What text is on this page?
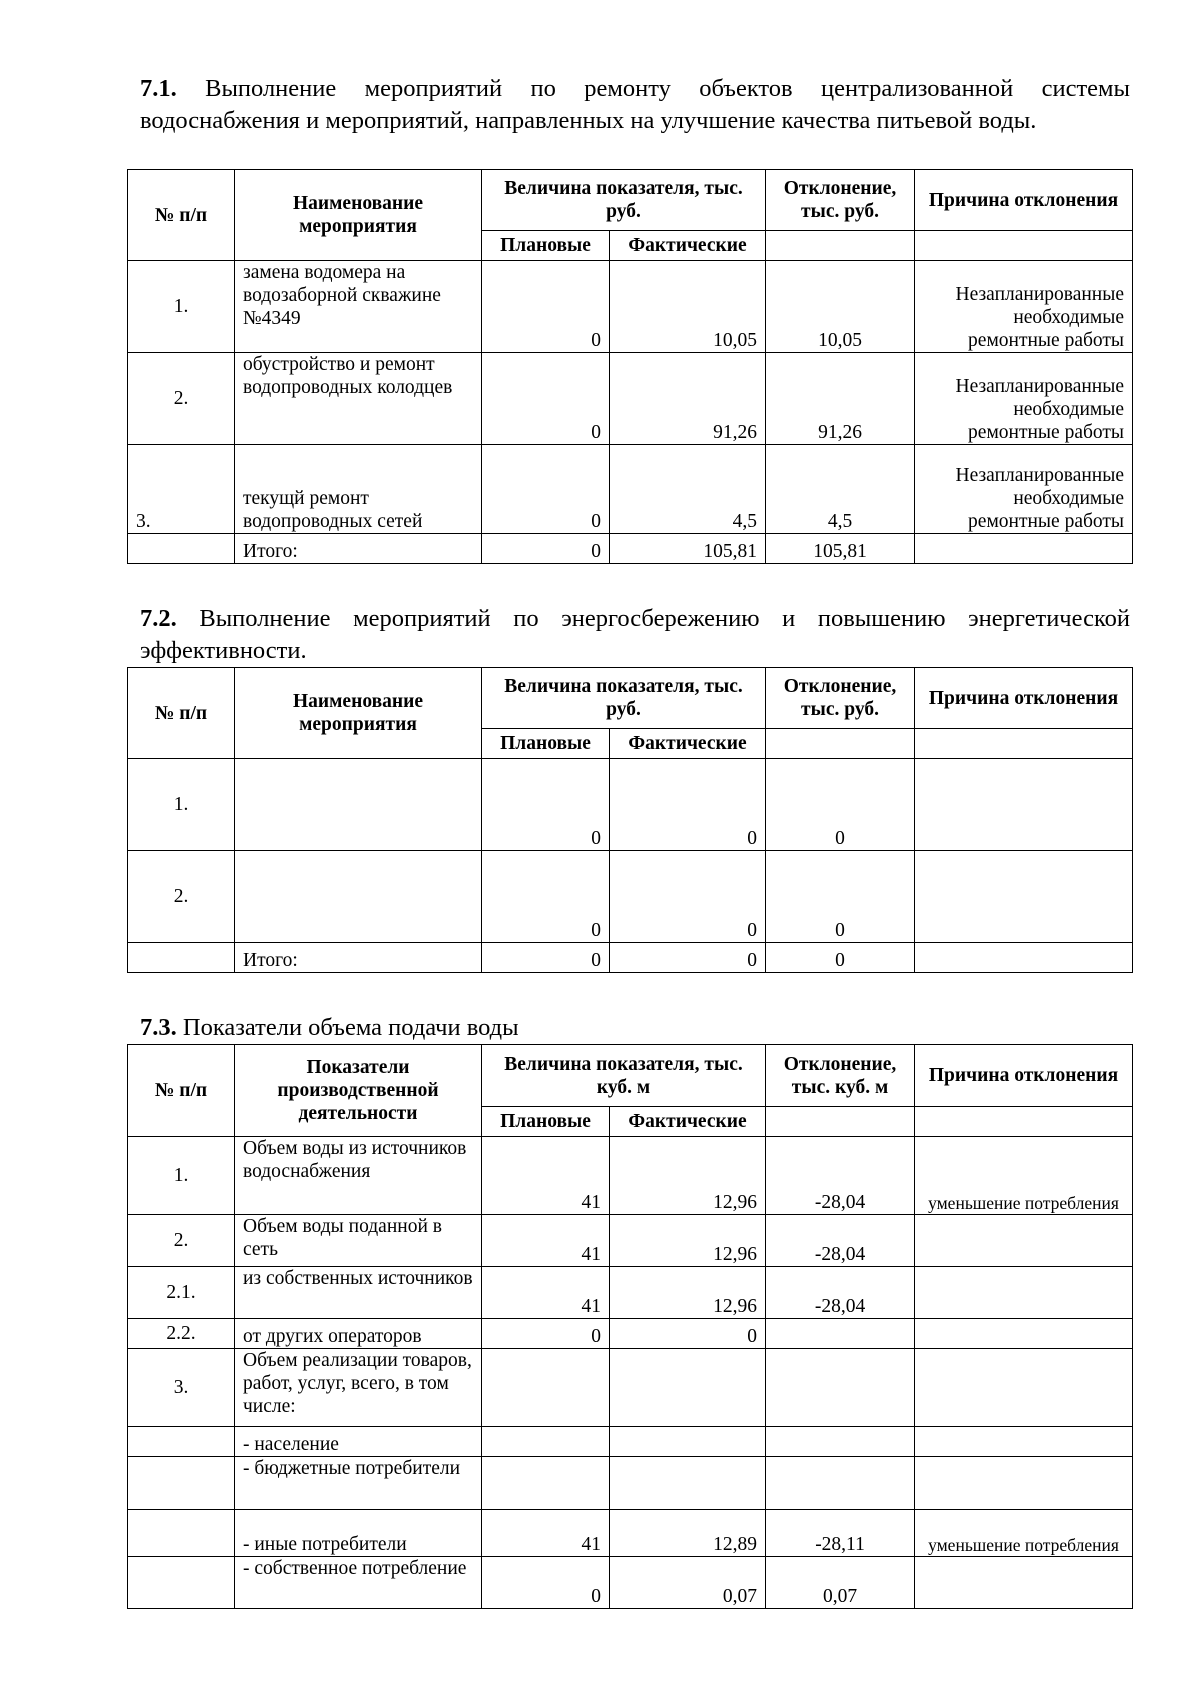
7.1. Выполнение мероприятий по ремонту объектов централизованной системы водоснабжения и мероприятий, направленных на улучшение качества питьевой воды.

№ п/п	Наименование мероприятия	Величина показателя, тыс. руб.		Отклонение, тыс. руб.	Причина отклонения
		Плановые	Фактические		
1.	замена водомера на водозаборной скважине №4349	0	10,05	10,05	Незапланированные необходимые ремонтные работы
2.	обустройство и ремонт водопроводных колодцев	0	91,26	91,26	Незапланированные необходимые ремонтные работы
3.	текущй ремонт водопроводных сетей	0	4,5	4,5	Незапланированные необходимые ремонтные работы
	Итого:	0	105,81	105,81	

7.2. Выполнение мероприятий по энергосбережению и повышению энергетической эффективности.

№ п/п	Наименование мероприятия	Величина показателя, тыс. руб.		Отклонение, тыс. руб.	Причина отклонения
		Плановые	Фактические		
1.		0	0	0	
2.		0	0	0	
	Итого:	0	0	0	

7.3. Показатели объема подачи воды

№ п/п	Показатели производственной деятельности	Величина показателя, тыс. куб. м		Отклонение, тыс. куб. м	Причина отклонения
		Плановые	Фактические		
1.	Объем воды из источников водоснабжения	41	12,96	-28,04	уменьшение потребления
2.	Объем воды поданной в сеть	41	12,96	-28,04	
2.1.	из собственных источников	41	12,96	-28,04	
2.2.	от других операторов	0	0		
3.	Объем реализации товаров, работ, услуг, всего, в том числе:				
	- население				
	- бюджетные потребители				
	- иные потребители	41	12,89	-28,11	уменьшение потребления
	- собственное потребление	0	0,07	0,07	
